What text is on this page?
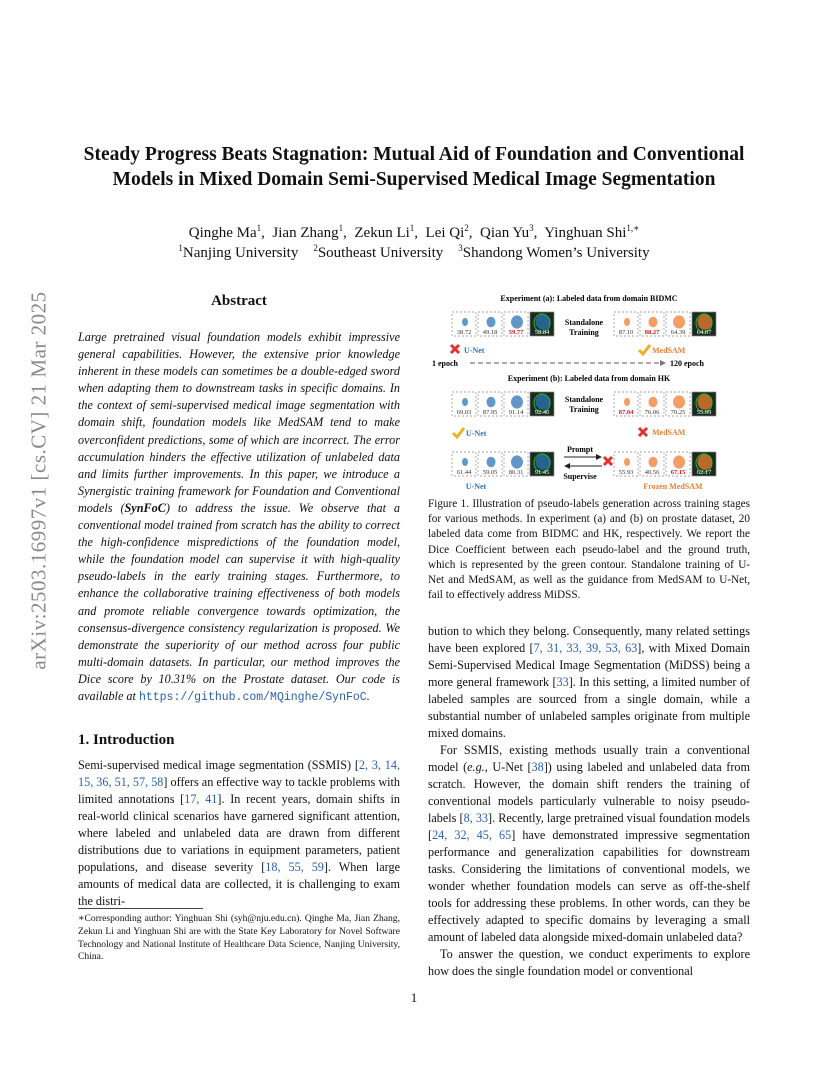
arXiv:2503.16997v1 [cs.CV] 21 Mar 2025
Steady Progress Beats Stagnation: Mutual Aid of Foundation and Conventional
Models in Mixed Domain Semi-Supervised Medical Image Segmentation
Qinghe Ma$^1$,  Jian Zhang$^1$,  Zekun Li$^1$,  Lei Qi$^2$,  Qian Yu$^3$,  Yinghuan Shi$^{1,∗}$
$^1$Nanjing University $^2$Southeast University $^3$Shandong Women’s University
Abstract

Large pretrained visual foundation models exhibit impressive general capabilities. However, the extensive prior knowledge inherent in these models can sometimes be a double-edged sword when adapting them to downstream tasks in specific domains. In the context of semi-supervised medical image segmentation with domain shift, foundation models like MedSAM tend to make overconfident predictions, some of which are incorrect. The error accumulation hinders the effective utilization of unlabeled data and limits further improvements. In this paper, we introduce a Synergistic training framework for Foundation and Conventional models (SynFoC) to address the issue. We observe that a conventional model trained from scratch has the ability to correct the high-confidence mispredictions of the foundation model, while the foundation model can supervise it with high-quality pseudo-labels in the early training stages. Furthermore, to enhance the collaborative training effectiveness of both models and promote reliable convergence towards optimization, the consensus-divergence consistency regularization is proposed. We demonstrate the superiority of our method across four public multi-domain datasets. In particular, our method improves the Dice score by 10.31% on the Prostate dataset. Our code is available at https://github.com/MQinghe/SynFoC.

1. Introduction

Semi-supervised medical image segmentation (SSMIS) [2, 3, 14, 15, 36, 51, 57, 58] offers an effective way to tackle problems with limited annotations [17, 41]. In recent years, domain shifts in real-world clinical scenarios have garnered significant attention, where labeled and unlabeled data are drawn from different distributions due to variations in equipment parameters, patient populations, and disease severity [18, 55, 59]. When large amounts of medical data are collected, it is challenging to exam the distri-

∗Corresponding author: Yinghuan Shi (syh@nju.edu.cn). Qinghe Ma, Jian Zhang, Zekun Li and Yinghuan Shi are with the State Key Laboratory for Novel Software Technology and National Institute of Healthcare Data Science, Nanjing University, China.
Experiment (a): Labeled data from domain BIDMC
38.72 49.18 59.77 58.84	87.10 88.27 64.39 64.07
Standalone
Training
U-Net	MedSAM
1 epoch	120 epoch
Experiment (b): Labeled data from domain HK
69.03 87.95 91.14 92.40	87.04 76.06 70.25 55.99
Standalone
Training
U-Net	MedSAM
61.44 59.05 80.31 91.45	55.93 40.56 67.15 62.17
Prompt
Supervise
U-Net	Frozen MedSAM
Figure 1. Illustration of pseudo-labels generation across training stages for various methods. In experiment (a) and (b) on prostate dataset, 20 labeled data come from BIDMC and HK, respectively. We report the Dice Coefficient between each pseudo-label and the ground truth, which is represented by the green contour. Standalone training of U-Net and MedSAM, as well as the guidance from MedSAM to U-Net, fail to effectively address MiDSS.

bution to which they belong. Consequently, many related settings have been explored [7, 31, 33, 39, 53, 63], with Mixed Domain Semi-Supervised Medical Image Segmentation (MiDSS) being a more general framework [33]. In this setting, a limited number of labeled samples are sourced from a single domain, while a substantial number of unlabeled samples originate from multiple mixed domains.

For SSMIS, existing methods usually train a conventional model (e.g., U-Net [38]) using labeled and unlabeled data from scratch. However, the domain shift renders the training of conventional models particularly vulnerable to noisy pseudo-labels [8, 33]. Recently, large pretrained visual foundation models [24, 32, 45, 65] have demonstrated impressive segmentation performance and generalization capabilities for downstream tasks. Considering the limitations of conventional models, we wonder whether foundation models can serve as off-the-shelf tools for addressing these problems. In other words, can they be effectively adapted to specific domains by leveraging a small amount of labeled data alongside mixed-domain unlabeled data?

To answer the question, we conduct experiments to explore how does the single foundation model or conventional

1
